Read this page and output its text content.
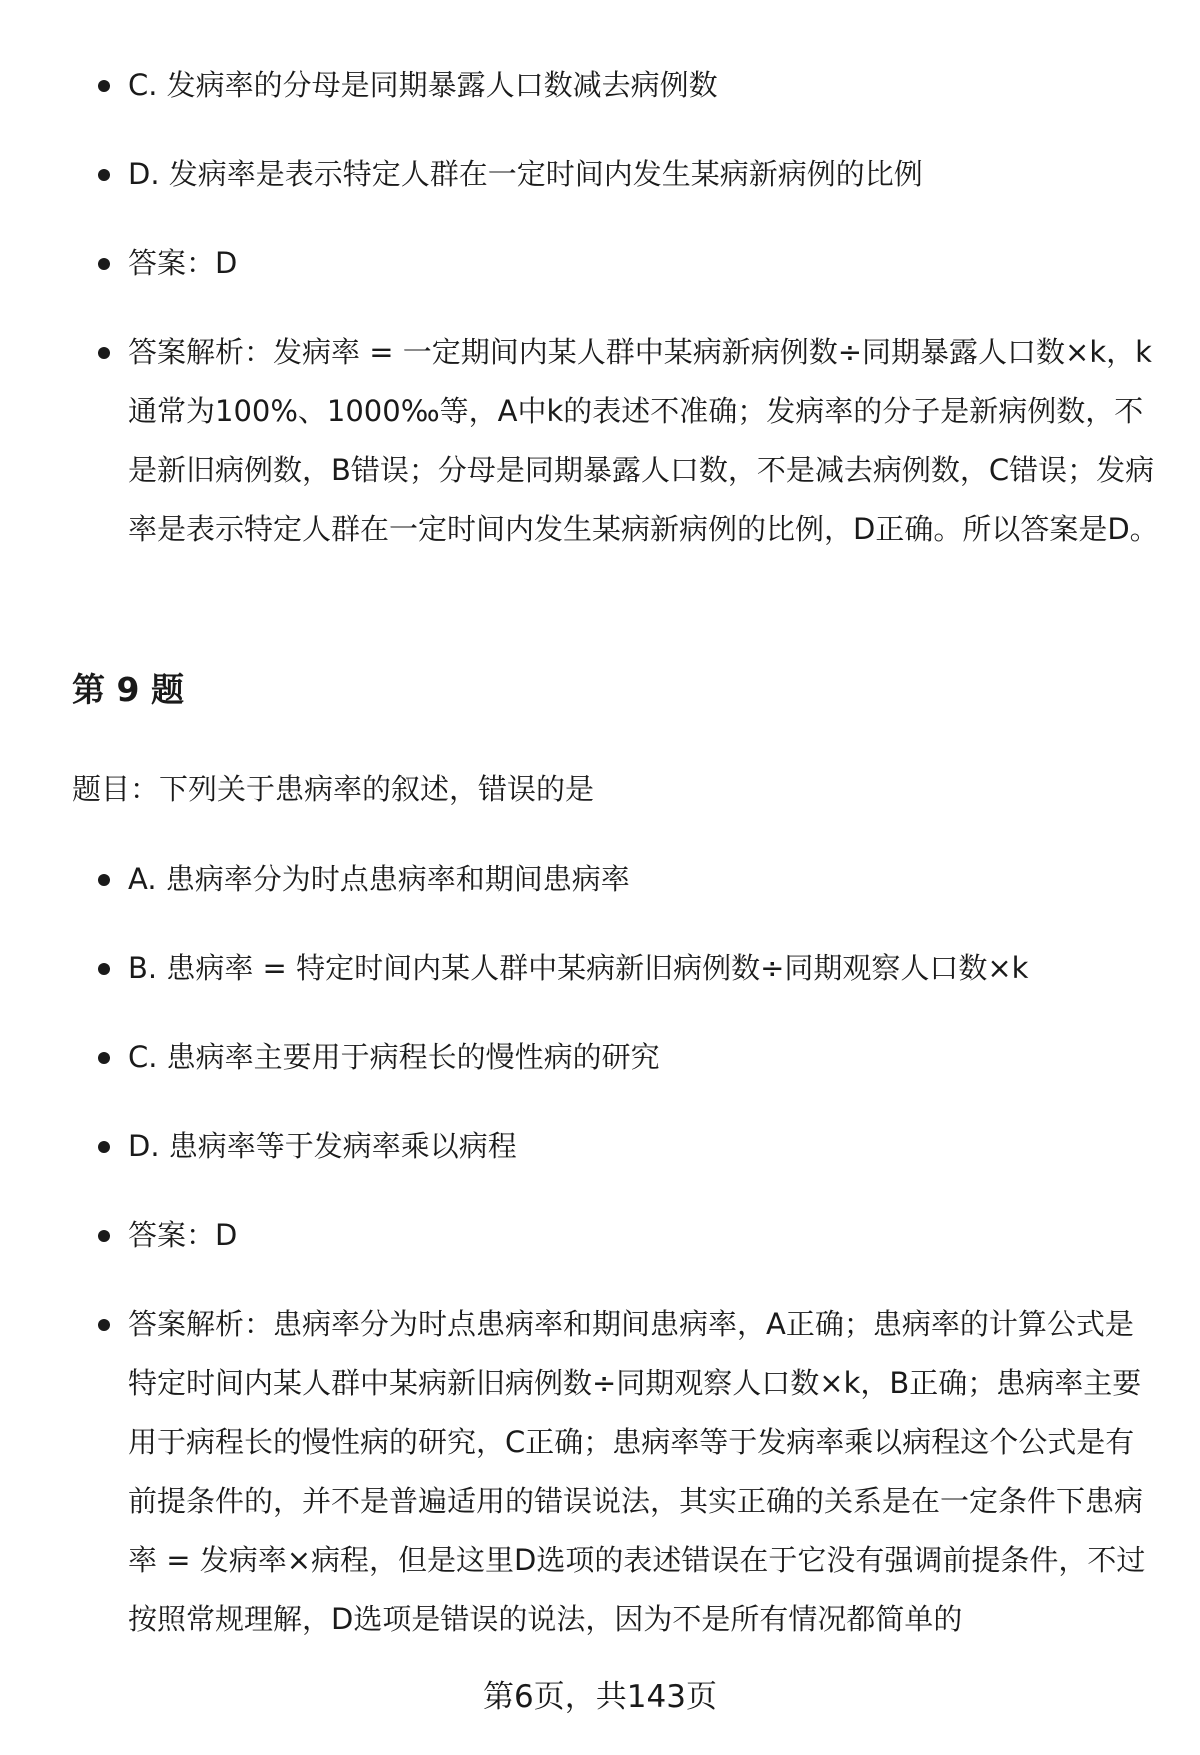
C. 发病率的分母是同期暴露人口数减去病例数
D. 发病率是表示特定人群在一定时间内发生某病新病例的比例
答案：D
答案解析：发病率 = 一定期间内某人群中某病新病例数÷同期暴露人口数×k，k通常为100%、1000‰等，A中k的表述不准确；发病率的分子是新病例数，不是新旧病例数，B错误；分母是同期暴露人口数，不是减去病例数，C错误；发病率是表示特定人群在一定时间内发生某病新病例的比例，D正确。所以答案是D。
第 9 题
题目：下列关于患病率的叙述，错误的是
A. 患病率分为时点患病率和期间患病率
B. 患病率 = 特定时间内某人群中某病新旧病例数÷同期观察人口数×k
C. 患病率主要用于病程长的慢性病的研究
D. 患病率等于发病率乘以病程
答案：D
答案解析：患病率分为时点患病率和期间患病率，A正确；患病率的计算公式是特定时间内某人群中某病新旧病例数÷同期观察人口数×k，B正确；患病率主要用于病程长的慢性病的研究，C正确；患病率等于发病率乘以病程这个公式是有前提条件的，并不是普遍适用的错误说法，其实正确的关系是在一定条件下患病率 = 发病率×病程，但是这里D选项的表述错误在于它没有强调前提条件，不过按照常规理解，D选项是错误的说法，因为不是所有情况都简单的
第6页，共143页
